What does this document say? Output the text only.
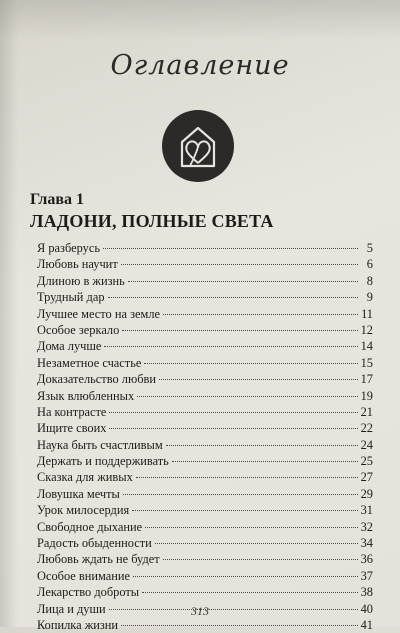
Оглавление
Глава 1
ЛАДОНИ, ПОЛНЫЕ СВЕТА
Я разберусь	5
Любовь научит	6
Длиною в жизнь	8
Трудный дар	9
Лучшее место на земле	11
Особое зеркало	12
Дома лучше	14
Незаметное счастье	15
Доказательство любви	17
Язык влюбленных	19
На контрасте	21
Ищите своих	22
Наука быть счастливым	24
Держать и поддерживать	25
Сказка для живых	27
Ловушка мечты	29
Урок милосердия	31
Свободное дыхание	32
Радость обыденности	34
Любовь ждать не будет	36
Особое внимание	37
Лекарство доброты	38
Лица и души	40
Копилка жизни	41
313
